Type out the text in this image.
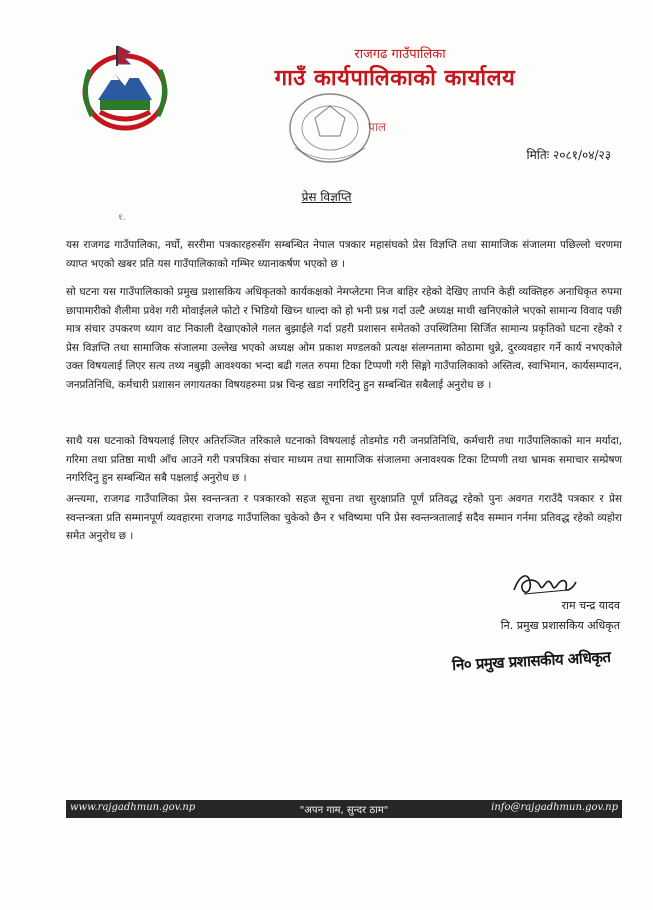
राजगढ गाउँपालिका
गाउँ कार्यपालिकाको कार्यालय
पाल
मितिः २०८१/०४/२३
प्रेस विज्ञप्ति
१.

यस राजगढ गाउँपालिका, नर्घो, सररीमा पत्रकारहरुसँग सम्बन्धित नेपाल पत्रकार महासंघको प्रेस विज्ञप्ति तथा सामाजिक संजालमा पछिल्लो चरणमा व्याप्त भएको खबर प्रति यस गाउँपालिकाको गम्भिर ध्यानाकर्षण भएको छ ।

सो घटना यस गाउँपालिकाको प्रमुख प्रशासकिय अधिकृतको कार्यकक्षको नेमप्लेटमा निज बाहिर रहेको देखिए तापनि केही व्यक्तिहरु अनाधिकृत रुपमा छापामारीको शैलीमा प्रवेश गरी मोवाईलले फोटो र भिडियो खिच्न थाल्दा को हो भनी प्रश्न गर्दा उल्टै अध्यक्ष माथी खनिएकोले भएको सामान्य विवाद पछी मात्र संचार उपकरण थ्याग वाट निकाली देखाएकोले गलत बुझाईले गर्दा प्रहरी प्रशासन समेतको उपस्थितिमा सिर्जित सामान्य प्रकृतिको घटना रहेको र प्रेस विज्ञप्ति तथा सामाजिक संजालमा उल्लेख भएको अध्यक्ष ओम प्रकाश मण्डलको प्रत्यक्ष संलग्नतामा कोठामा थुन्ने, दुरव्यवहार गर्ने कार्य नभएकोले उक्त विषयलाई लिएर सत्य तथ्य नबुझी आवश्यका भन्दा बढी गलत रुपमा टिका टिप्पणी गरी सिङ्गो गाउँपालिकाको अस्तित्व, स्वाभिमान, कार्यसम्पादन, जनप्रतिनिधि, कर्मचारी प्रशासन लगायतका विषयहरुमा प्रश्न चिन्ह खडा नगरिदिनु हुन सम्बन्धित सबैलाई अनुरोध छ ।

साथै यस घटनाको विषयलाई लिएर अतिरञ्जित तरिकाले घटनाको विषयलाई तोडमोड गरी जनप्रतिनिधि, कर्मचारी तथा गाउँपालिकाको मान मर्यादा, गरिमा तथा प्रतिष्ठा माथी आँच आउने गरी पत्रपत्रिका संचार माध्यम तथा सामाजिक संजालमा अनावश्यक टिका टिप्पणी तथा भ्रामक समाचार सम्प्रेषण नगरिदिनु हुन सम्बन्धित सबै पक्षलाई अनुरोध छ ।

अन्त्यमा, राजगढ गाउँपालिका प्रेस स्वन्तन्त्रता र पत्रकारको सहज सूचना तथा सुरक्षाप्रति पूर्ण प्रतिवद्ध रहेको पुनः अवगत गराउँदै पत्रकार र प्रेस स्वन्तन्त्रता प्रति सम्मानपूर्ण व्यवहारमा राजगढ गाउँपालिका चुकेको छैन र भविष्यमा पनि प्रेस स्वन्तन्त्रतालाई सदैव सम्मान गर्नमा प्रतिवद्ध रहेको व्यहोरा समेत अनुरोध छ ।

राम चन्द्र यादव
नि. प्रमुख प्रशासकिय अधिकृत
नि० प्रमुख प्रशासकीय अधिकृत
www.rajgadhmun.gov.np	"अपन गाम, सुन्दर ठाम"	info@rajgadhmun.gov.np
